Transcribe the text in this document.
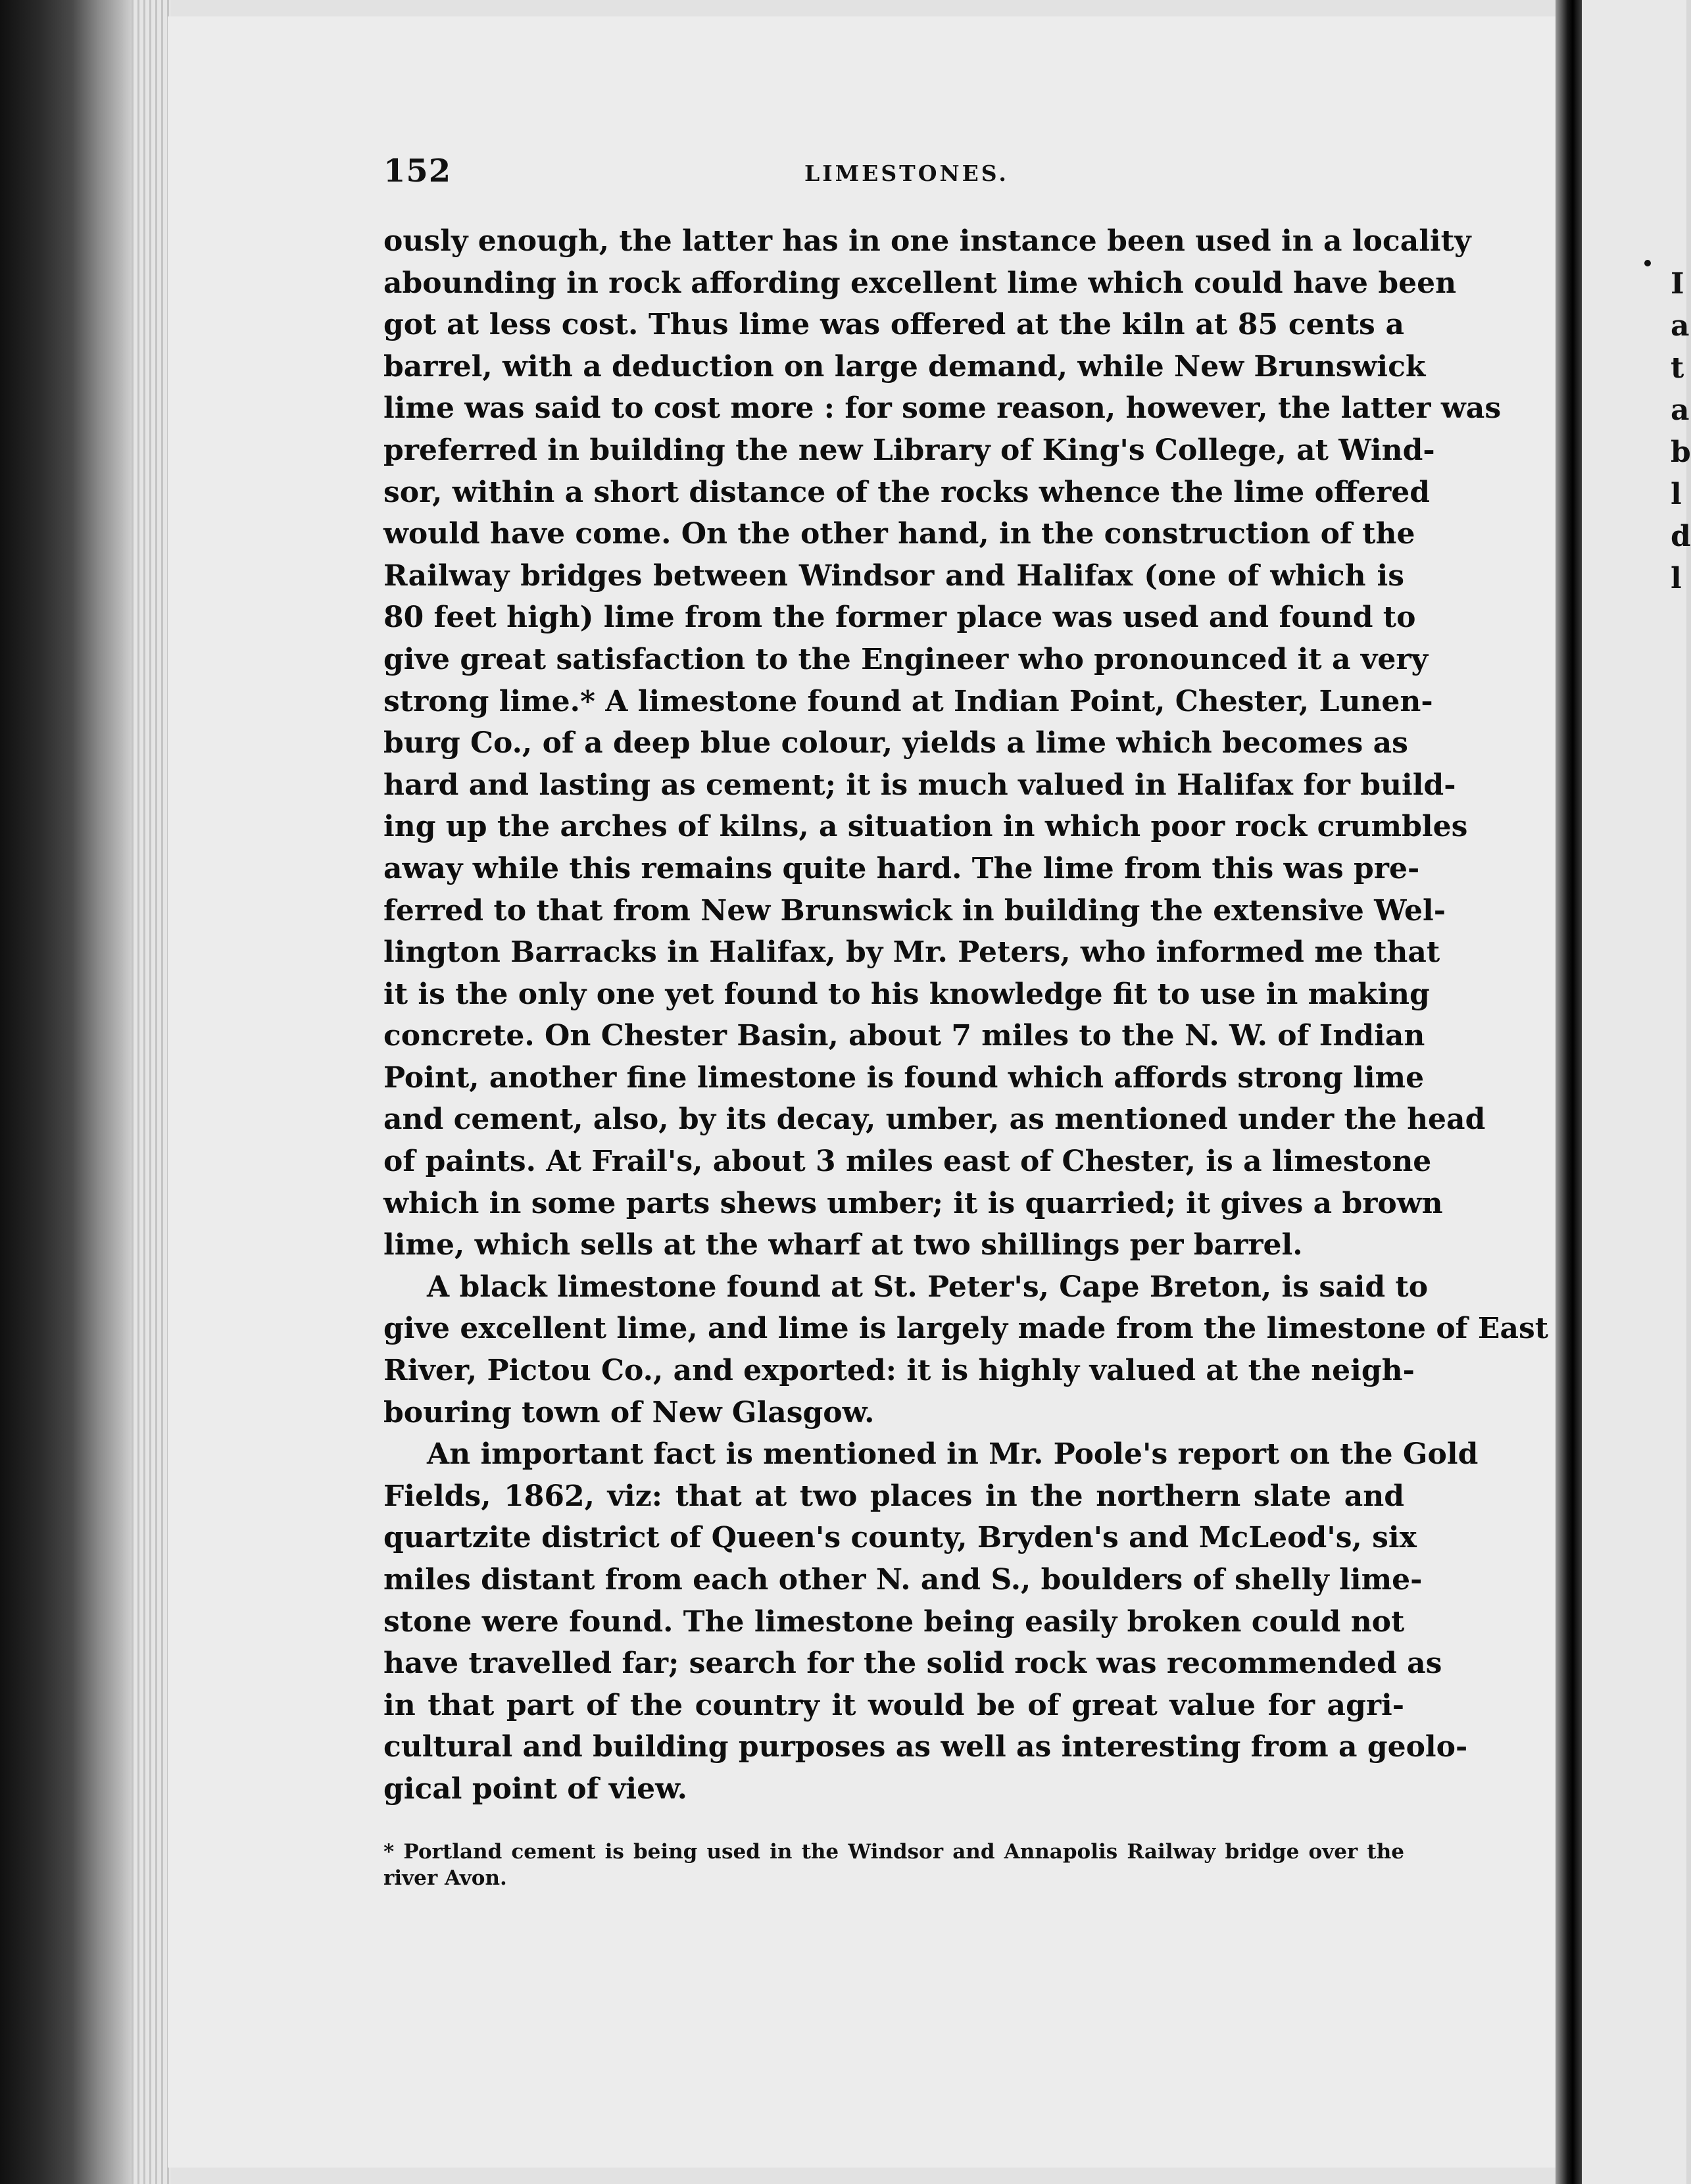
I
a
t
a
b
l
d
l
152	LIMESTONES.

ously enough, the latter has in one instance been used in a locality
abounding in rock affording excellent lime which could have been
got at less cost. Thus lime was offered at the kiln at 85 cents a
barrel, with a deduction on large demand, while New Brunswick
lime was said to cost more : for some reason, however, the latter was
preferred in building the new Library of King's College, at Wind-
sor, within a short distance of the rocks whence the lime offered
would have come. On the other hand, in the construction of the
Railway bridges between Windsor and Halifax (one of which is
80 feet high) lime from the former place was used and found to
give great satisfaction to the Engineer who pronounced it a very
strong lime.* A limestone found at Indian Point, Chester, Lunen-
burg Co., of a deep blue colour, yields a lime which becomes as
hard and lasting as cement; it is much valued in Halifax for build-
ing up the arches of kilns, a situation in which poor rock crumbles
away while this remains quite hard. The lime from this was pre-
ferred to that from New Brunswick in building the extensive Wel-
lington Barracks in Halifax, by Mr. Peters, who informed me that
it is the only one yet found to his knowledge fit to use in making
concrete. On Chester Basin, about 7 miles to the N. W. of Indian
Point, another fine limestone is found which affords strong lime
and cement, also, by its decay, umber, as mentioned under the head
of paints. At Frail's, about 3 miles east of Chester, is a limestone
which in some parts shews umber; it is quarried; it gives a brown
lime, which sells at the wharf at two shillings per barrel.

A black limestone found at St. Peter's, Cape Breton, is said to
give excellent lime, and lime is largely made from the limestone of East
River, Pictou Co., and exported: it is highly valued at the neigh-
bouring town of New Glasgow.

An important fact is mentioned in Mr. Poole's report on the Gold
Fields, 1862, viz: that at two places in the northern slate and
quartzite district of Queen's county, Bryden's and McLeod's, six
miles distant from each other N. and S., boulders of shelly lime-
stone were found. The limestone being easily broken could not
have travelled far; search for the solid rock was recommended as
in that part of the country it would be of great value for agri-
cultural and building purposes as well as interesting from a geolo-
gical point of view.

* Portland cement is being used in the Windsor and Annapolis Railway bridge over the
river Avon.
